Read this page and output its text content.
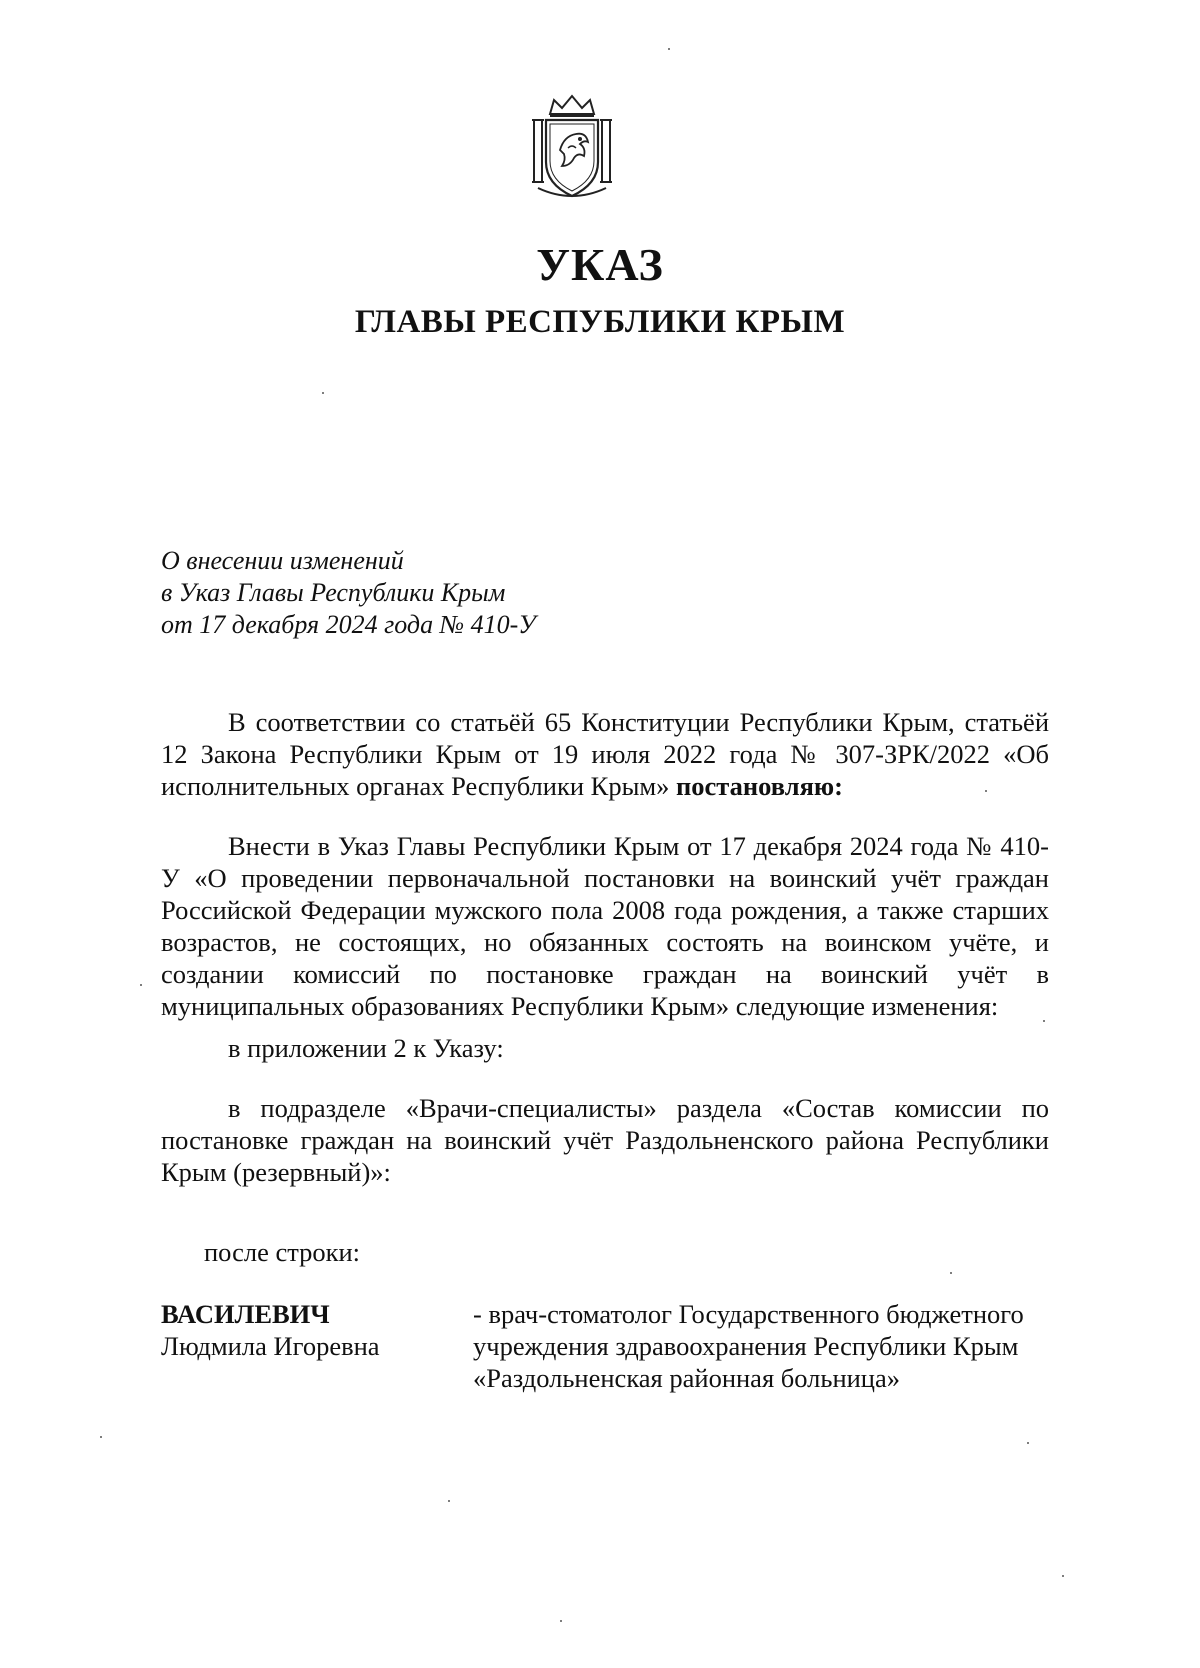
УКАЗ
ГЛАВЫ РЕСПУБЛИКИ КРЫМ
О внесении изменений
в Указ Главы Республики Крым
от 17 декабря 2024 года № 410-У
В соответствии со статьёй 65 Конституции Республики Крым, статьёй 12 Закона Республики Крым от 19 июля 2022 года № 307-ЗРК/2022 «Об исполнительных органах Республики Крым» постановляю:
Внести в Указ Главы Республики Крым от 17 декабря 2024 года № 410-У «О проведении первоначальной постановки на воинский учёт граждан Российской Федерации мужского пола 2008 года рождения, а также старших возрастов, не состоящих, но обязанных состоять на воинском учёте, и создании комиссий по постановке граждан на воинский учёт в муниципальных образованиях Республики Крым» следующие изменения:
в приложении 2 к Указу:
в подразделе «Врачи-специалисты» раздела «Состав комиссии по постановке граждан на воинский учёт Раздольненского района Республики Крым (резервный)»:
после строки:
ВАСИЛЕВИЧ
Людмила Игоревна
- врач-стоматолог Государственного бюджетного
учреждения здравоохранения Республики Крым
«Раздольненская районная больница»
